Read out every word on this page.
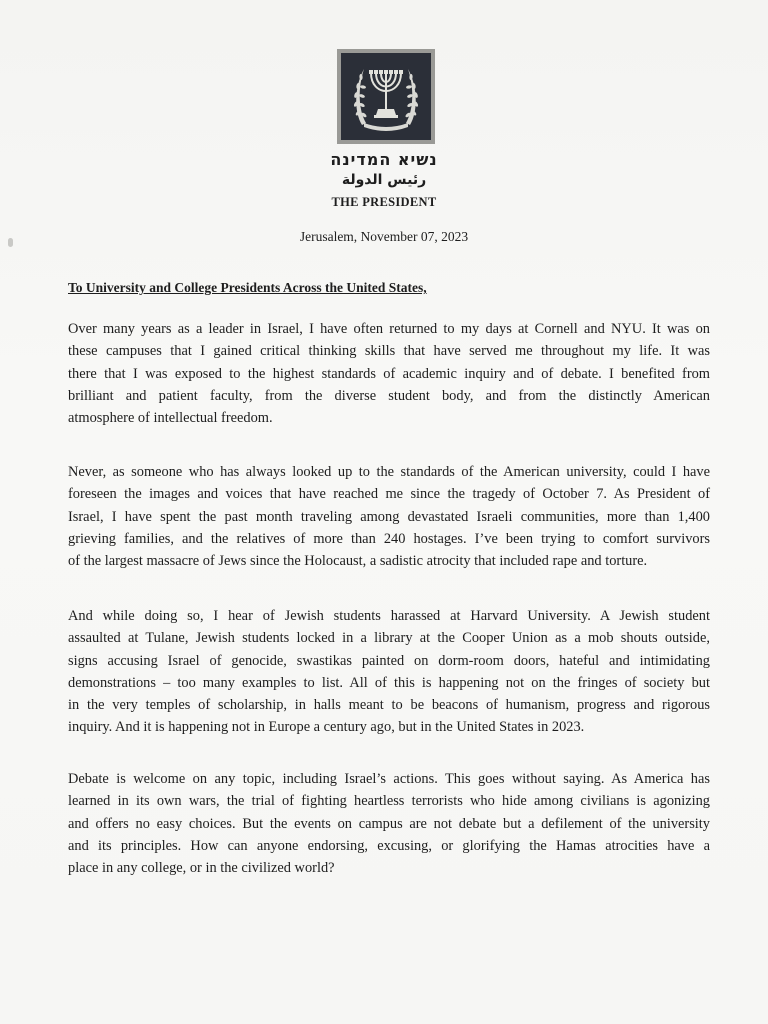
נשיא המדינה
رئيس الدولة
THE PRESIDENT
Jerusalem, November 07, 2023
To University and College Presidents Across the United States,
Over many years as a leader in Israel, I have often returned to my days at Cornell and NYU. It was on
these campuses that I gained critical thinking skills that have served me throughout my life. It was
there that I was exposed to the highest standards of academic inquiry and of debate. I benefited from
brilliant and patient faculty, from the diverse student body, and from the distinctly American
atmosphere of intellectual freedom.
Never, as someone who has always looked up to the standards of the American university, could I have
foreseen the images and voices that have reached me since the tragedy of October 7. As President of
Israel, I have spent the past month traveling among devastated Israeli communities, more than 1,400
grieving families, and the relatives of more than 240 hostages. I’ve been trying to comfort survivors
of the largest massacre of Jews since the Holocaust, a sadistic atrocity that included rape and torture.
And while doing so, I hear of Jewish students harassed at Harvard University. A Jewish student
assaulted at Tulane, Jewish students locked in a library at the Cooper Union as a mob shouts outside,
signs accusing Israel of genocide, swastikas painted on dorm-room doors, hateful and intimidating
demonstrations – too many examples to list. All of this is happening not on the fringes of society but
in the very temples of scholarship, in halls meant to be beacons of humanism, progress and rigorous
inquiry. And it is happening not in Europe a century ago, but in the United States in 2023.
Debate is welcome on any topic, including Israel’s actions. This goes without saying. As America has
learned in its own wars, the trial of fighting heartless terrorists who hide among civilians is agonizing
and offers no easy choices. But the events on campus are not debate but a defilement of the university
and its principles. How can anyone endorsing, excusing, or glorifying the Hamas atrocities have a
place in any college, or in the civilized world?
